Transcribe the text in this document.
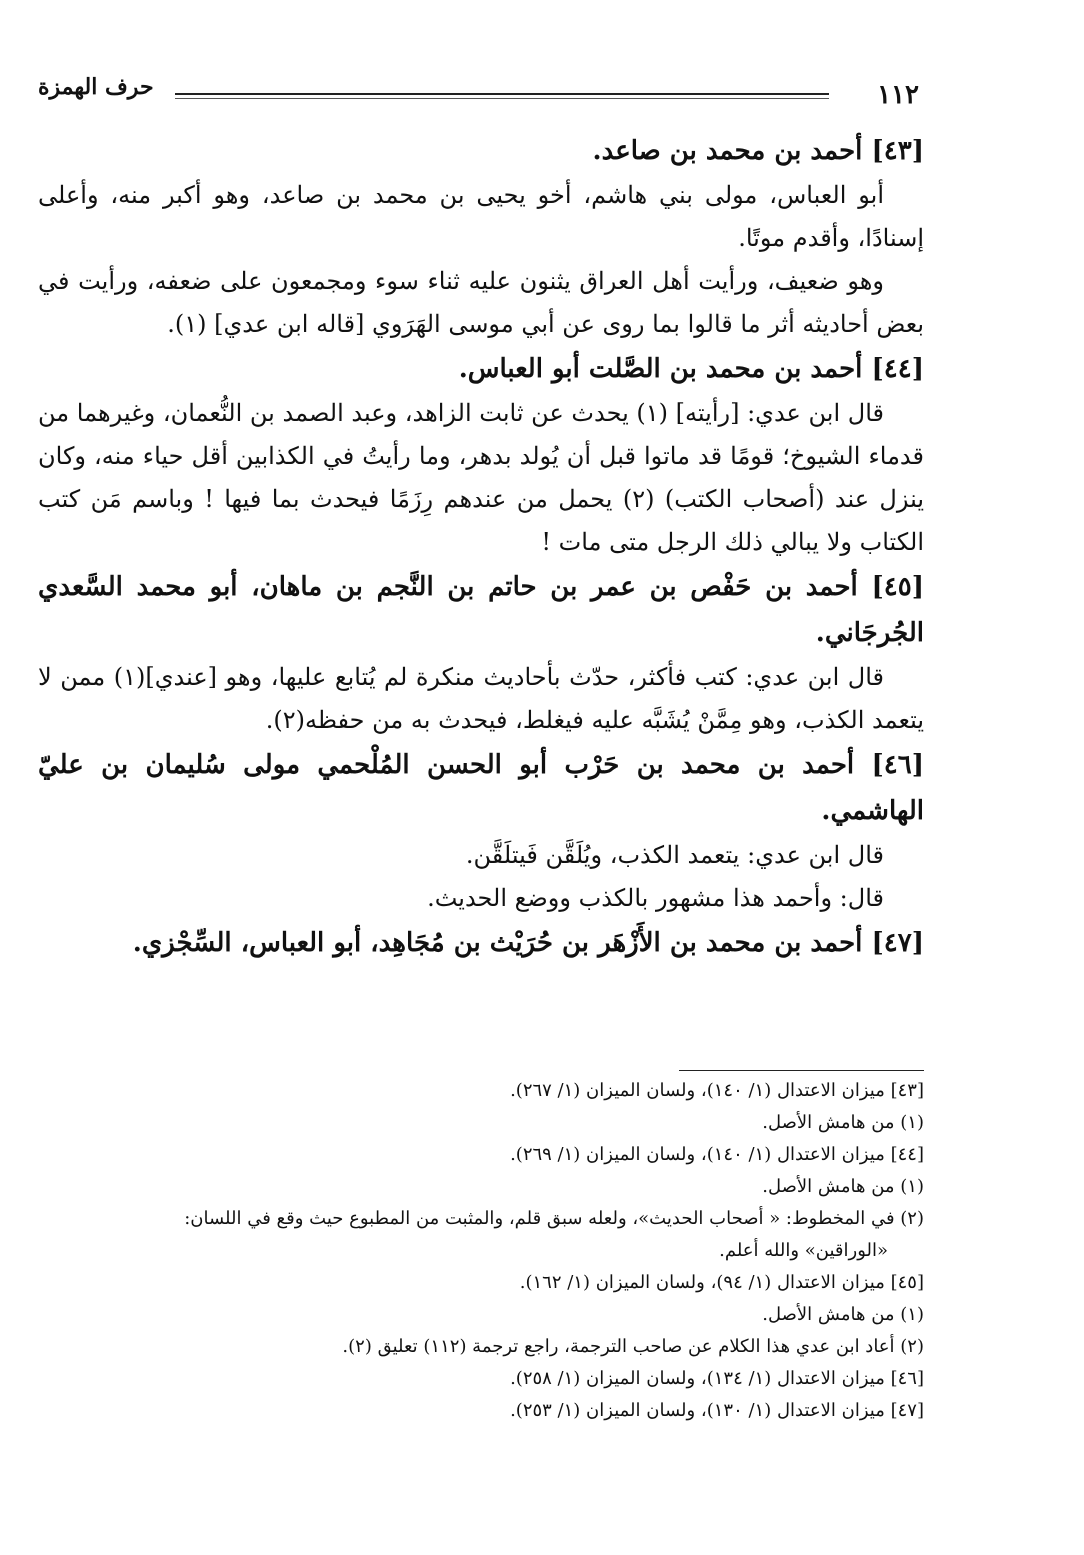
١١٢
حرف الهمزة

[٤٣] أحمد بن محمد بن صاعد.

أبو العباس، مولى بني هاشم، أخو يحيى بن محمد بن صاعد، وهو أكبر منه، وأعلى إسنادًا، وأقدم موتًا.

وهو ضعيف، ورأيت أهل العراق يثنون عليه ثناء سوء ومجمعون على ضعفه، ورأيت في بعض أحاديثه أثر ما قالوا بما روى عن أبي موسى الهَرَوي [قاله ابن عدي] (١).

[٤٤] أحمد بن محمد بن الصَّلت أبو العباس.

قال ابن عدي: [رأيته] (١) يحدث عن ثابت الزاهد، وعبد الصمد بن النُّعمان، وغيرهما من قدماء الشيوخ؛ قومًا قد ماتوا قبل أن يُولد بدهر، وما رأيتُ في الكذابين أقل حياء منه، وكان ينزل عند (أصحاب الكتب) (٢) يحمل من عندهم رِزَمًا فيحدث بما فيها ! وباسم مَن كتب الكتاب ولا يبالي ذلك الرجل متى مات !

[٤٥] أحمد بن حَفْص بن عمر بن حاتم بن النَّجم بن ماهان، أبو محمد السَّعدي الجُرجَاني.

قال ابن عدي: كتب فأكثر، حدّث بأحاديث منكرة لم يُتابع عليها، وهو [عندي](١) ممن لا يتعمد الكذب، وهو مِمَّنْ يُشَبَّه عليه فيغلط، فيحدث به من حفظه(٢).

[٤٦] أحمد بن محمد بن حَرْب أبو الحسن المُلْحمي مولى سُليمان بن عليّ الهاشمي.

قال ابن عدي: يتعمد الكذب، ويُلَقَّن فَيتلَقَّن.

قال: وأحمد هذا مشهور بالكذب ووضع الحديث.

[٤٧] أحمد بن محمد بن الأَزْهَر بن حُرَيْث بن مُجَاهِد، أبو العباس، السِّجْزي.

[٤٣] ميزان الاعتدال (١/ ١٤٠)، ولسان الميزان (١/ ٢٦٧).

(١) من هامش الأصل.

[٤٤] ميزان الاعتدال (١/ ١٤٠)، ولسان الميزان (١/ ٢٦٩).

(١) من هامش الأصل.

(٢) في المخطوط: « أصحاب الحديث»، ولعله سبق قلم، والمثبت من المطبوع حيث وقع في اللسان:

«الوراقين» والله أعلم.

[٤٥] ميزان الاعتدال (١/ ٩٤)، ولسان الميزان (١/ ١٦٢).

(١) من هامش الأصل.

(٢) أعاد ابن عدي هذا الكلام عن صاحب الترجمة، راجع ترجمة (١١٢) تعليق (٢).

[٤٦] ميزان الاعتدال (١/ ١٣٤)، ولسان الميزان (١/ ٢٥٨).

[٤٧] ميزان الاعتدال (١/ ١٣٠)، ولسان الميزان (١/ ٢٥٣).
